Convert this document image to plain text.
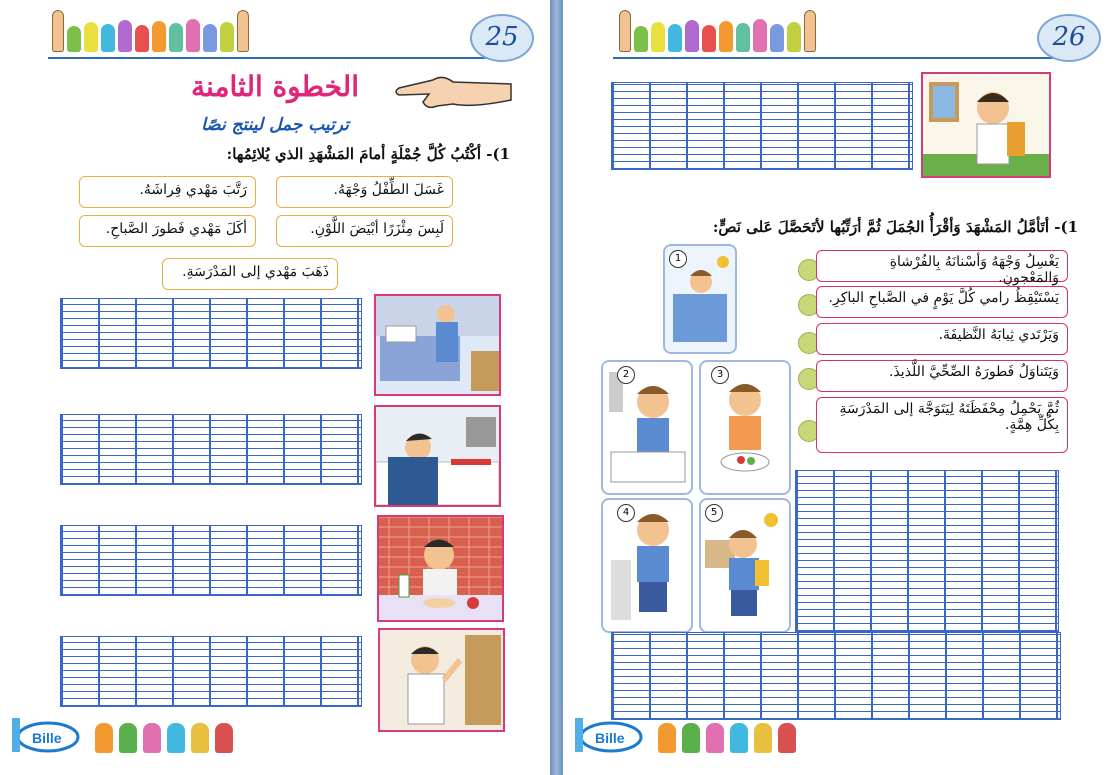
25
الخطوة الثامنة
ترتيب جمل لينتج نصًا
1)- أكْتُبُ كُلَّ جُمْلَةٍ أمامَ المَشْهَدِ الذي يُلائِمُها:
غَسَلَ الطِّفْلُ وَجْهَهُ.
رَتَّبَ مَهْدي فِراشَهُ.
لَبِسَ مِئْزَرًا أبْيَضَ اللَّوْنِ.
أكَلَ مَهْدي فَطورَ الصَّباحِ.
ذَهَبَ مَهْدي إلى المَدْرَسَةِ.
Bille
26
1)- أتَأمَّلُ المَشْهَدَ وَأقْرَأُ الجُمَلَ ثُمَّ أرَتِّبُها لأتَحَصَّلَ عَلى نَصٍّ:
يَغْسِلُ وَجْهَهُ وَأسْنانَهُ بِالفُرْشاةِ وَالمَعْجونِ.
يَسْتَيْقِظُ رامي كُلَّ يَوْمٍ في الصَّباحِ الباكِرِ.
وَيَرْتَدي ثِيابَهُ النَّظيفَةَ.
وَيَتَناوَلُ فَطورَهُ الصِّحِّيَّ اللَّذيذَ.
ثُمَّ يَحْمِلُ مِحْفَظَتَهُ لِيَتَوَجَّهَ إلى المَدْرَسَةِ بِكُلِّ هِمَّةٍ.
1
2	3
4	5
Bille
